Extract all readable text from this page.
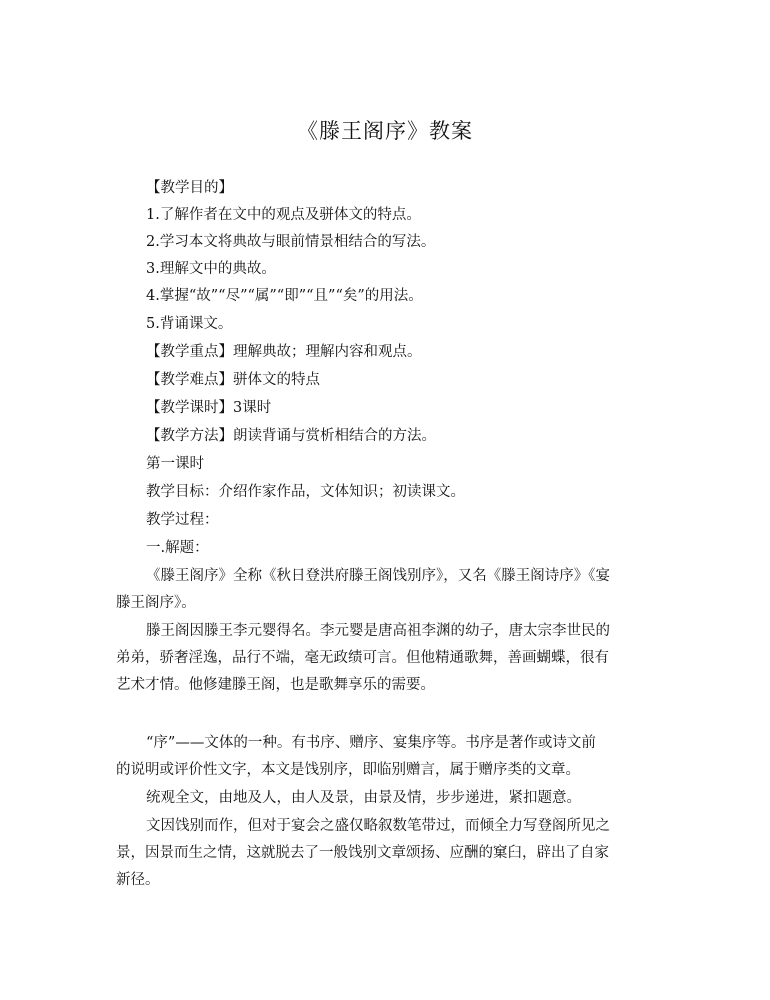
《滕王阁序》教案
【教学目的】
1.了解作者在文中的观点及骈体文的特点。
2.学习本文将典故与眼前情景相结合的写法。
3.理解文中的典故。
4.掌握“故”“尽”“属”“即”“且”“矣”的用法。
5.背诵课文。
【教学重点】理解典故；理解内容和观点。
【教学难点】骈体文的特点
【教学课时】3课时
【教学方法】朗读背诵与赏析相结合的方法。
第一课时
教学目标：介绍作家作品，文体知识；初读课文。
教学过程：
一.解题：
《滕王阁序》全称《秋日登洪府滕王阁饯别序》，又名《滕王阁诗序》《宴
滕王阁序》。
滕王阁因滕王李元婴得名。李元婴是唐高祖李渊的幼子，唐太宗李世民的
弟弟，骄奢淫逸，品行不端，毫无政绩可言。但他精通歌舞，善画蝴蝶，很有
艺术才情。他修建滕王阁，也是歌舞享乐的需要。
“序”——文体的一种。有书序、赠序、宴集序等。书序是著作或诗文前
的说明或评价性文字，本文是饯别序，即临别赠言，属于赠序类的文章。
统观全文，由地及人，由人及景，由景及情，步步递进，紧扣题意。
文因饯别而作，但对于宴会之盛仅略叙数笔带过，而倾全力写登阁所见之
景，因景而生之情，这就脱去了一般饯别文章颂扬、应酬的窠臼，辟出了自家
新径。
